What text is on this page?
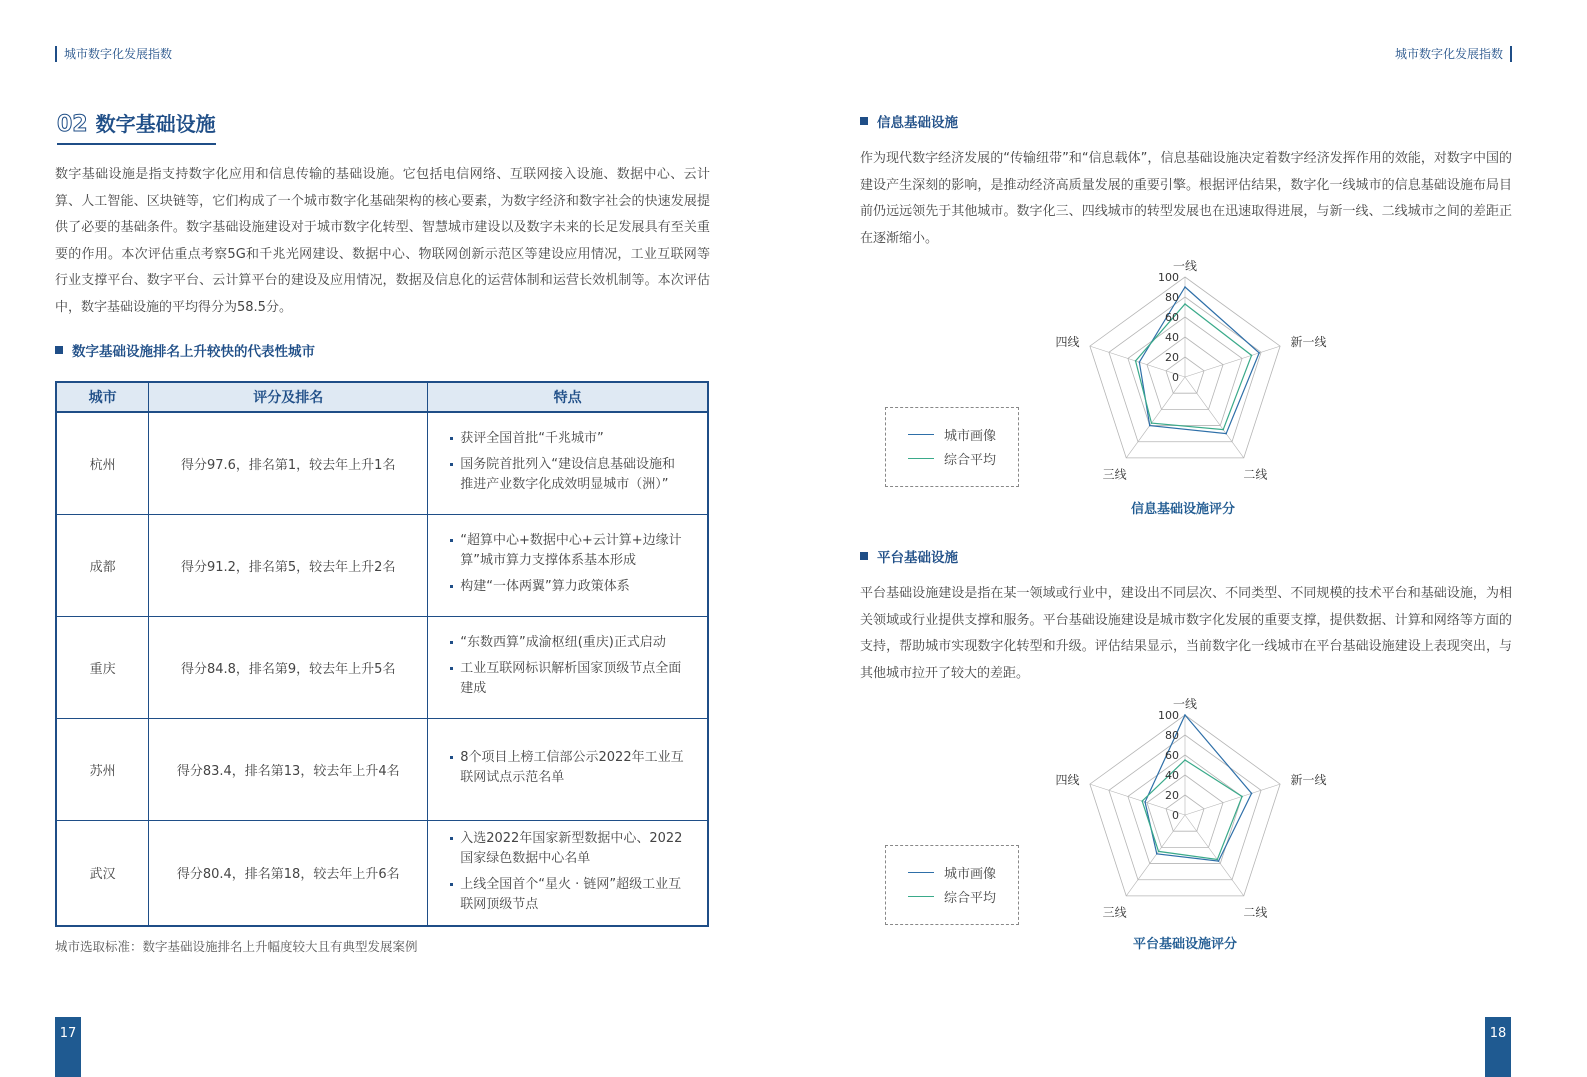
城市数字化发展指数
02 数字基础设施

数字基础设施是指支持数字化应用和信息传输的基础设施。它包括电信网络、互联网接入设施、数据中心、云计算、人工智能、区块链等，它们构成了一个城市数字化基础架构的核心要素，为数字经济和数字社会的快速发展提供了必要的基础条件。数字基础设施建设对于城市数字化转型、智慧城市建设以及数字未来的长足发展具有至关重要的作用。本次评估重点考察5G和千兆光网建设、数据中心、物联网创新示范区等建设应用情况，工业互联网等行业支撑平台、数字平台、云计算平台的建设及应用情况，数据及信息化的运营体制和运营长效机制等。本次评估中，数字基础设施的平均得分为58.5分。

数字基础设施排名上升较快的代表性城市
城市	评分及排名	特点
杭州	得分97.6，排名第1，较去年上升1名	获评全国首批“千兆城市”
国务院首批列入“建设信息基础设施和推进产业数字化成效明显城市（洲）”

成都	得分91.2，排名第5，较去年上升2名	“超算中心+数据中心+云计算+边缘计算”城市算力支撑体系基本形成
构建“一体两翼”算力政策体系

重庆	得分84.8，排名第9，较去年上升5名	“东数西算”成渝枢纽(重庆)正式启动
工业互联网标识解析国家顶级节点全面建成

苏州	得分83.4，排名第13，较去年上升4名	8个项目上榜工信部公示2022年工业互联网试点示范名单

武汉	得分80.4，排名第18，较去年上升6名	入选2022年国家新型数据中心、2022国家绿色数据中心名单
上线全国首个“星火 · 链网”超级工业互联网顶级节点
城市选取标准：数字基础设施排名上升幅度较大且有典型发展案例
17
城市数字化发展指数
信息基础设施

作为现代数字经济发展的“传输纽带”和“信息载体”，信息基础设施决定着数字经济发挥作用的效能，对数字中国的建设产生深刻的影响，是推动经济高质量发展的重要引擎。根据评估结果，数字化一线城市的信息基础设施布局目前仍远远领先于其他城市。数字化三、四线城市的转型发展也在迅速取得进展，与新一线、二线城市之间的差距正在逐渐缩小。

0
20
40
60
80
100
一线
新一线
二线
三线
四线
城市画像
综合平均
信息基础设施评分
平台基础设施

平台基础设施建设是指在某一领域或行业中，建设出不同层次、不同类型、不同规模的技术平台和基础设施，为相关领域或行业提供支撑和服务。平台基础设施建设是城市数字化发展的重要支撑，提供数据、计算和网络等方面的支持，帮助城市实现数字化转型和升级。评估结果显示，当前数字化一线城市在平台基础设施建设上表现突出，与其他城市拉开了较大的差距。

0
20
40
60
80
100
一线
新一线
二线
三线
四线
城市画像
综合平均
平台基础设施评分
18
